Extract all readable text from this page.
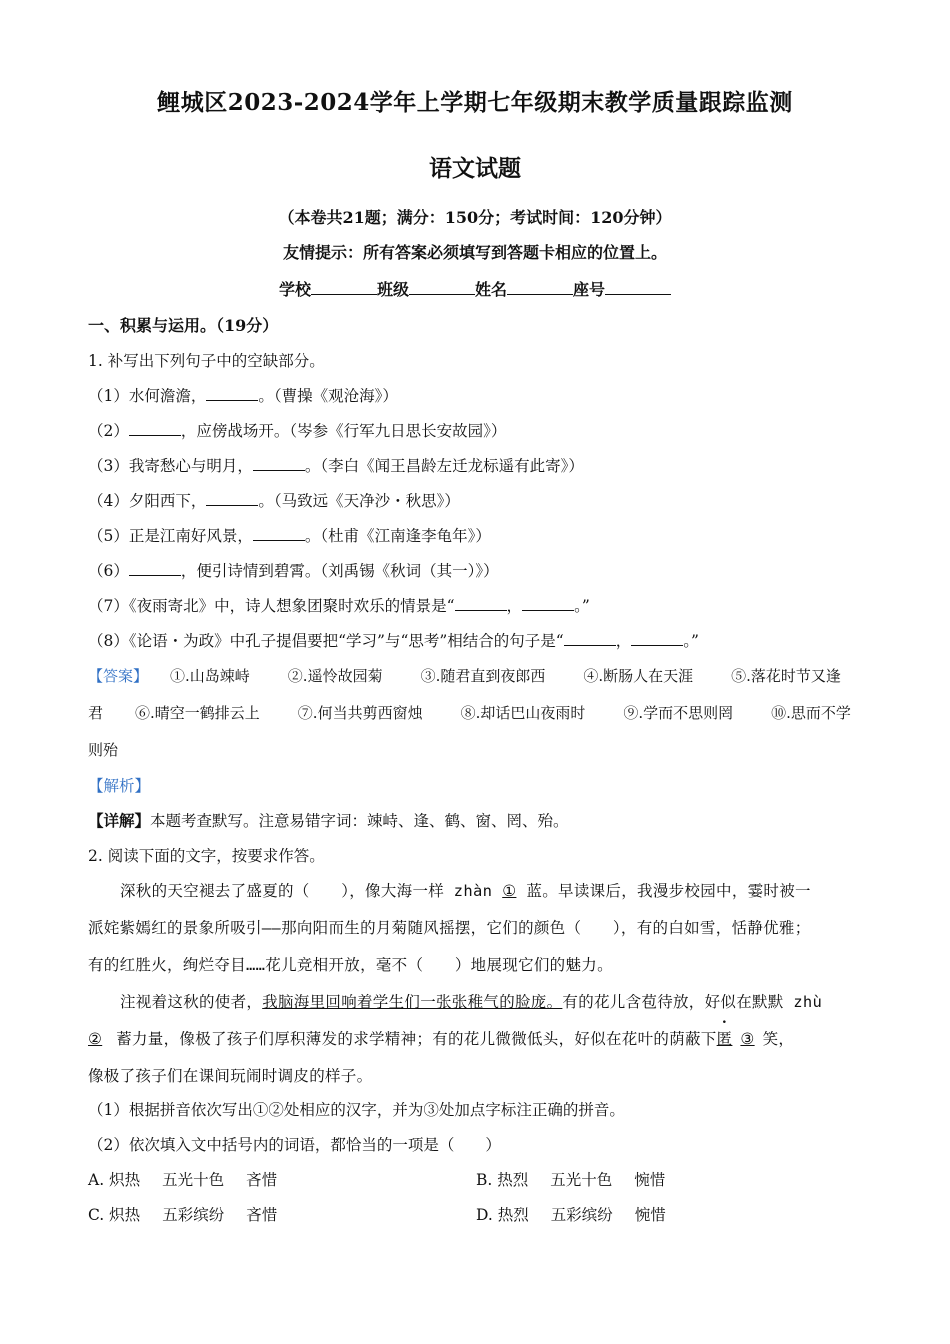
鲤城区2023-2024学年上学期七年级期末教学质量跟踪监测
语文试题
（本卷共21题；满分：150分；考试时间：120分钟）
友情提示：所有答案必须填写到答题卡相应的位置上。
学校	班级	姓名	座号
一、积累与运用。（19分）
1. 补写出下列句子中的空缺部分。
（1）水何澹澹，	。（曹操《观沧海》）
（2）	，应傍战场开。（岑参《行军九日思长安故园》）
（3）我寄愁心与明月，	。（李白《闻王昌龄左迁龙标遥有此寄》）
（4）夕阳西下，	。（马致远《天净沙・秋思》）
（5）正是江南好风景，	。（杜甫《江南逢李龟年》）
（6）	，便引诗情到碧霄。（刘禹锡《秋词（其一）》）
（7）《夜雨寄北》中，诗人想象团聚时欢乐的情景是“	，	。”
（8）《论语・为政》中孔子提倡要把“学习”与“思考”相结合的句子是“	，	。”
【答案】 ①.山岛竦峙	②.遥怜故园菊	③.随君直到夜郎西	④.断肠人在天涯	⑤.落花时节又逢
君 ⑥.晴空一鹤排云上	⑦.何当共剪西窗烛	⑧.却话巴山夜雨时	⑨.学而不思则罔	⑩.思而不学
则殆
【解析】
【详解】本题考查默写。注意易错字词：竦峙、逢、鹤、窗、罔、殆。
2. 阅读下面的文字，按要求作答。
深秋的天空褪去了盛夏的（　　），像大海一样 zhàn ① 蓝。早读课后，我漫步校园中，霎时被一
派姹紫嫣红的景象所吸引——那向阳而生的月菊随风摇摆，它们的颜色（　　），有的白如雪，恬静优雅；
有的红胜火，绚烂夺目……花儿竞相开放，毫不（　　）地展现它们的魅力。
注视着这秋的使者，我脑海里回响着学生们一张张稚气的脸庞。有的花儿含苞待放，好似在默默 zhù
② 蓄力量，像极了孩子们厚积薄发的求学精神；有的花儿微微低头，好似在花叶的荫蔽下匿 ③ 笑，
像极了孩子们在课间玩闹时调皮的样子。
（1）根据拼音依次写出①②处相应的汉字，并为③处加点字标注正确的拼音。
（2）依次填入文中括号内的词语，都恰当的一项是（　　）
A. 炽热 五光十色 吝惜	B. 热烈 五光十色 惋惜
C. 炽热 五彩缤纷 吝惜	D. 热烈 五彩缤纷 惋惜
